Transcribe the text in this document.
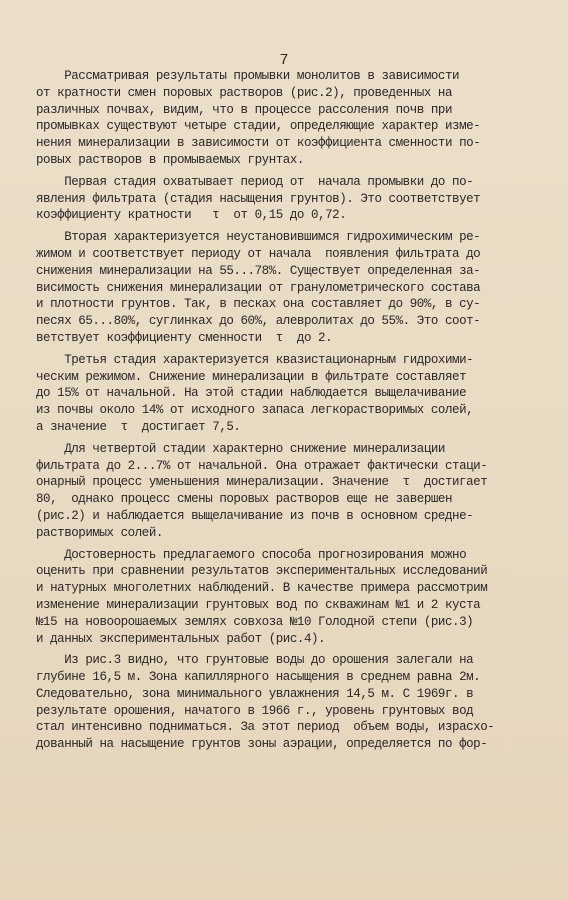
7
Рассматривая результаты промывки монолитов в зависимости
от кратности смен поровых растворов (рис.2), проведенных на
различных почвах, видим, что в процессе рассоления почв при
промывках существуют четыре стадии, определяющие характер изме-
нения минерализации в зависимости от коэффициента сменности по-
ровых растворов в промываемых грунтах.
Первая стадия охватывает период от  начала промывки до по-
явления фильтрата (стадия насыщения грунтов). Это соответствует
коэффициенту кратности   τ  от 0,15 до 0,72.
Вторая характеризуется неустановившимся гидрохимическим ре-
жимом и соответствует периоду от начала  появления фильтрата до
снижения минерализации на 55...78%. Существует определенная за-
висимость снижения минерализации от гранулометрического состава
и плотности грунтов. Так, в песках она составляет до 90%, в су-
песях 65...80%, суглинках до 60%, алевролитах до 55%. Это соот-
ветствует коэффициенту сменности  τ  до 2.
Третья стадия характеризуется квазистационарным гидрохими-
ческим режимом. Снижение минерализации в фильтрате составляет
до 15% от начальной. На этой стадии наблюдается выщелачивание
из почвы около 14% от исходного запаса легкорастворимых солей,
а значение  τ  достигает 7,5.
Для четвертой стадии характерно снижение минерализации
фильтрата до 2...7% от начальной. Она отражает фактически стаци-
онарный процесс уменьшения минерализации. Значение  τ  достигает
80,  однако процесс смены поровых растворов еще не завершен
(рис.2) и наблюдается выщелачивание из почв в основном средне-
растворимых солей.
Достоверность предлагаемого способа прогнозирования можно
оценить при сравнении результатов экспериментальных исследований
и натурных многолетних наблюдений. В качестве примера рассмотрим
изменение минерализации грунтовых вод по скважинам №1 и 2 куста
№15 на новоорошаемых землях совхоза №10 Голодной степи (рис.3)
и данных экспериментальных работ (рис.4).
Из рис.3 видно, что грунтовые воды до орошения залегали на
глубине 16,5 м. Зона капиллярного насыщения в среднем равна 2м.
Следовательно, зона минимального увлажнения 14,5 м. С 1969г. в
результате орошения, начатого в 1966 г., уровень грунтовых вод
стал интенсивно подниматься. За этот период  объем воды, израсхо-
дованный на насыщение грунтов зоны аэрации, определяется по фор-
